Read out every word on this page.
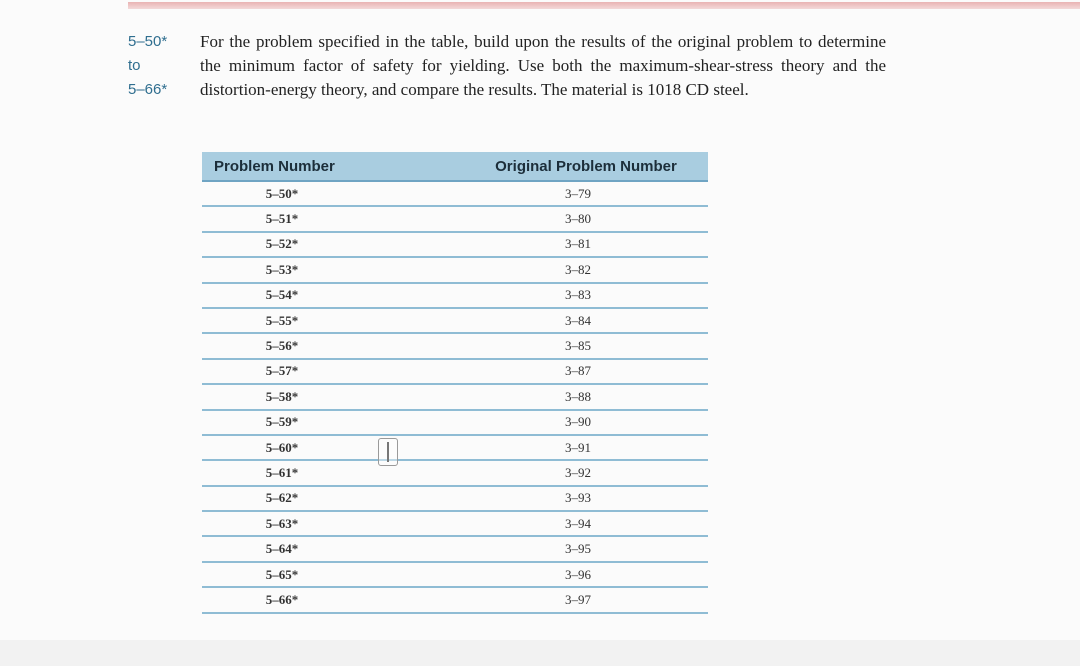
5–50*
to
5–66*
For the problem specified in the table, build upon the results of the original problem to determine the minimum factor of safety for yielding. Use both the maximum-shear-stress theory and the distortion-energy theory, and compare the results. The material is 1018 CD steel.
Problem Number	Original Problem Number
5–50*	3–79
5–51*	3–80
5–52*	3–81
5–53*	3–82
5–54*	3–83
5–55*	3–84
5–56*	3–85
5–57*	3–87
5–58*	3–88
5–59*	3–90
5–60*	3–91
5–61*	3–92
5–62*	3–93
5–63*	3–94
5–64*	3–95
5–65*	3–96
5–66*	3–97
